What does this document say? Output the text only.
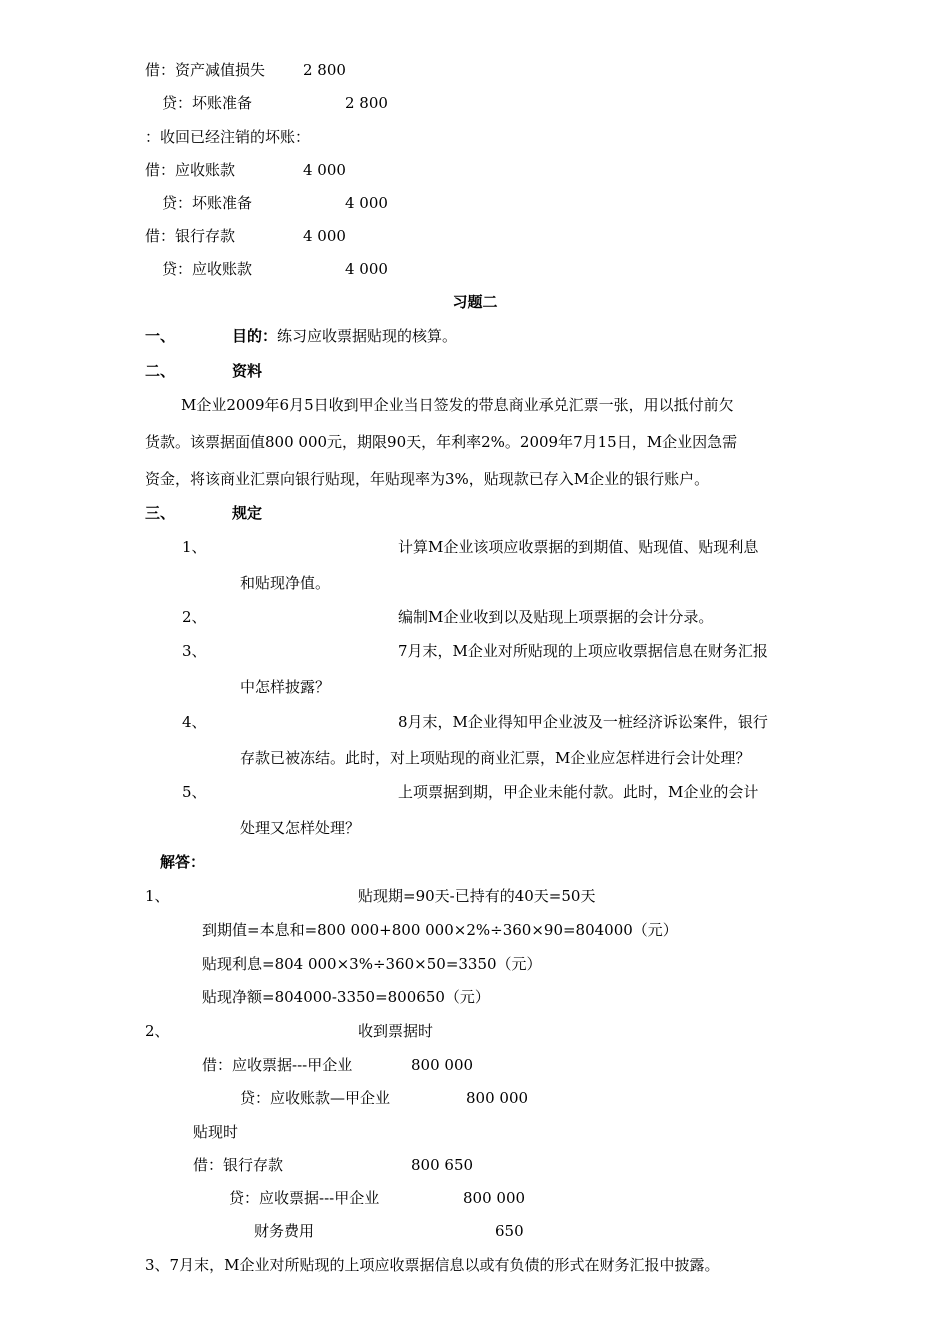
借：资产减值损失	2 800
贷：坏账准备	2 800
：收回已经注销的坏账：
借：应收账款	4 000
贷：坏账准备	4 000
借：银行存款	4 000
贷：应收账款	4 000
习题二
一、	目的：练习应收票据贴现的核算。
二、	资料
M企业2009年6月5日收到甲企业当日签发的带息商业承兑汇票一张，用以抵付前欠
货款。该票据面值800 000元，期限90天，年利率2%。2009年7月15日，M企业因急需
资金，将该商业汇票向银行贴现，年贴现率为3%，贴现款已存入M企业的银行账户。
三、	规定
1、	计算M企业该项应收票据的到期值、贴现值、贴现利息
和贴现净值。
2、	编制M企业收到以及贴现上项票据的会计分录。
3、	7月末，M企业对所贴现的上项应收票据信息在财务汇报
中怎样披露？
4、	8月末，M企业得知甲企业波及一桩经济诉讼案件，银行
存款已被冻结。此时，对上项贴现的商业汇票，M企业应怎样进行会计处理？
5、	上项票据到期，甲企业未能付款。此时，M企业的会计
处理又怎样处理？
解答：
1、	贴现期=90天-已持有的40天=50天
到期值=本息和=800 000+800 000×2%÷360×90=804000（元）
贴现利息=804 000×3%÷360×50=3350（元）
贴现净额=804000-3350=800650（元）
2、	收到票据时
借：应收票据---甲企业	800 000
贷：应收账款—甲企业	800 000
贴现时
借：银行存款	800 650
贷：应收票据---甲企业	800 000
财务费用	650
3、7月末，M企业对所贴现的上项应收票据信息以或有负债的形式在财务汇报中披露。
